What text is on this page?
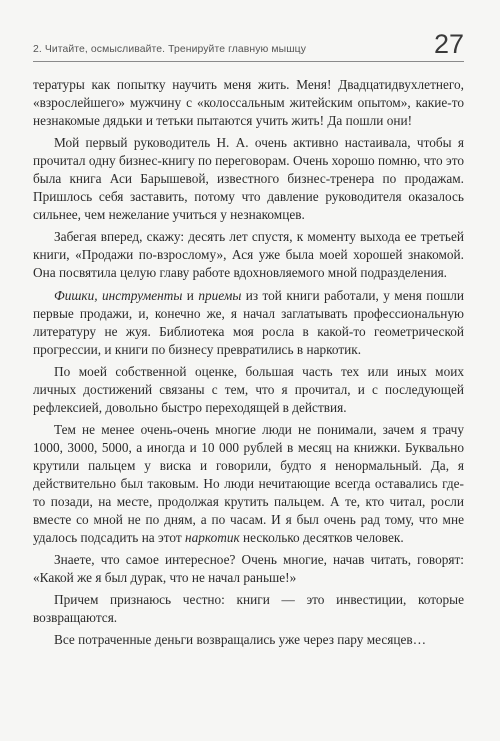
2. Читайте, осмысливайте. Тренируйте главную мышцу	27

тературы как попытку научить меня жить. Меня! Двадцатидвухлетнего, «взрослейшего» мужчину с «колоссальным житейским опытом», какие-то незнакомые дядьки и тетьки пытаются учить жить! Да пошли они!

Мой первый руководитель Н. А. очень активно настаивала, чтобы я прочитал одну бизнес-книгу по переговорам. Очень хорошо помню, что это была книга Аси Барышевой, известного бизнес-тренера по продажам. Пришлось себя заставить, потому что давление руководителя оказалось сильнее, чем нежелание учиться у незнакомцев.

Забегая вперед, скажу: десять лет спустя, к моменту выхода ее третьей книги, «Продажи по-взрослому», Ася уже была моей хорошей знакомой. Она посвятила целую главу работе вдохновляемого мной подразделения.

Фишки, инструменты и приемы из той книги работали, у меня пошли первые продажи, и, конечно же, я начал заглатывать профессиональную литературу не жуя. Библиотека моя росла в какой-то геометрической прогрессии, и книги по бизнесу превратились в наркотик.

По моей собственной оценке, большая часть тех или иных моих личных достижений связаны с тем, что я прочитал, и с последующей рефлексией, довольно быстро переходящей в действия.

Тем не менее очень-очень многие люди не понимали, зачем я трачу 1000, 3000, 5000, а иногда и 10 000 рублей в месяц на книжки. Буквально крутили пальцем у виска и говорили, будто я ненормальный. Да, я действительно был таковым. Но люди нечитающие всегда оставались где-то позади, на месте, продолжая крутить пальцем. А те, кто читал, росли вместе со мной не по дням, а по часам. И я был очень рад тому, что мне удалось подсадить на этот наркотик несколько десятков человек.

Знаете, что самое интересное? Очень многие, начав читать, говорят: «Какой же я был дурак, что не начал раньше!»

Причем признаюсь честно: книги — это инвестиции, которые возвращаются.

Все потраченные деньги возвращались уже через пару месяцев…
